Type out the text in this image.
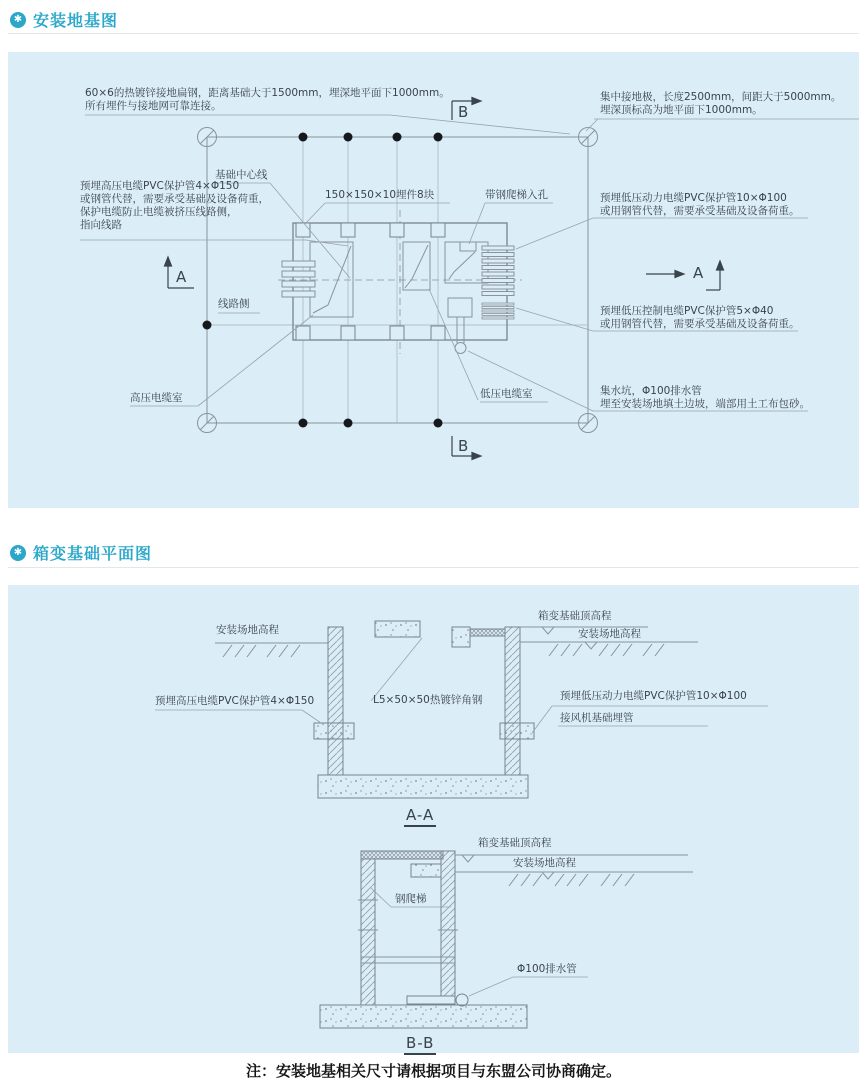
✱ 安装地基图
60×6的热镀锌接地扁钢，距离基础大于1500mm，埋深地平面下1000mm。
所有埋件与接地网可靠连接。
集中接地极，长度2500mm，间距大于5000mm。
埋深顶标高为地平面下1000mm。
基础中心线
150×150×10埋件8块	带钢爬梯入孔
预埋高压电缆PVC保护管4×Φ150
或钢管代替，需要承受基础及设备荷重，
保护电缆防止电缆被挤压线路侧，
指向线路
线路侧
高压电缆室	低压电缆室
预埋低压动力电缆PVC保护管10×Φ100
或用钢管代替，需要承受基础及设备荷重。
预埋低压控制电缆PVC保护管5×Φ40
或用钢管代替，需要承受基础及设备荷重。
集水坑，Φ100排水管
埋至安装场地填土边坡，端部用土工布包砂。
A	A
B
B
✱ 箱变基础平面图
安装场地高程
箱变基础顶高程
安装场地高程
预埋高压电缆PVC保护管4×Φ150	L5×50×50热镀锌角钢	预埋低压动力电缆PVC保护管10×Φ100
接风机基础埋管
A-A
箱变基础顶高程
安装场地高程
钢爬梯
Φ100排水管
B-B
注：安装地基相关尺寸请根据项目与东盟公司协商确定。
